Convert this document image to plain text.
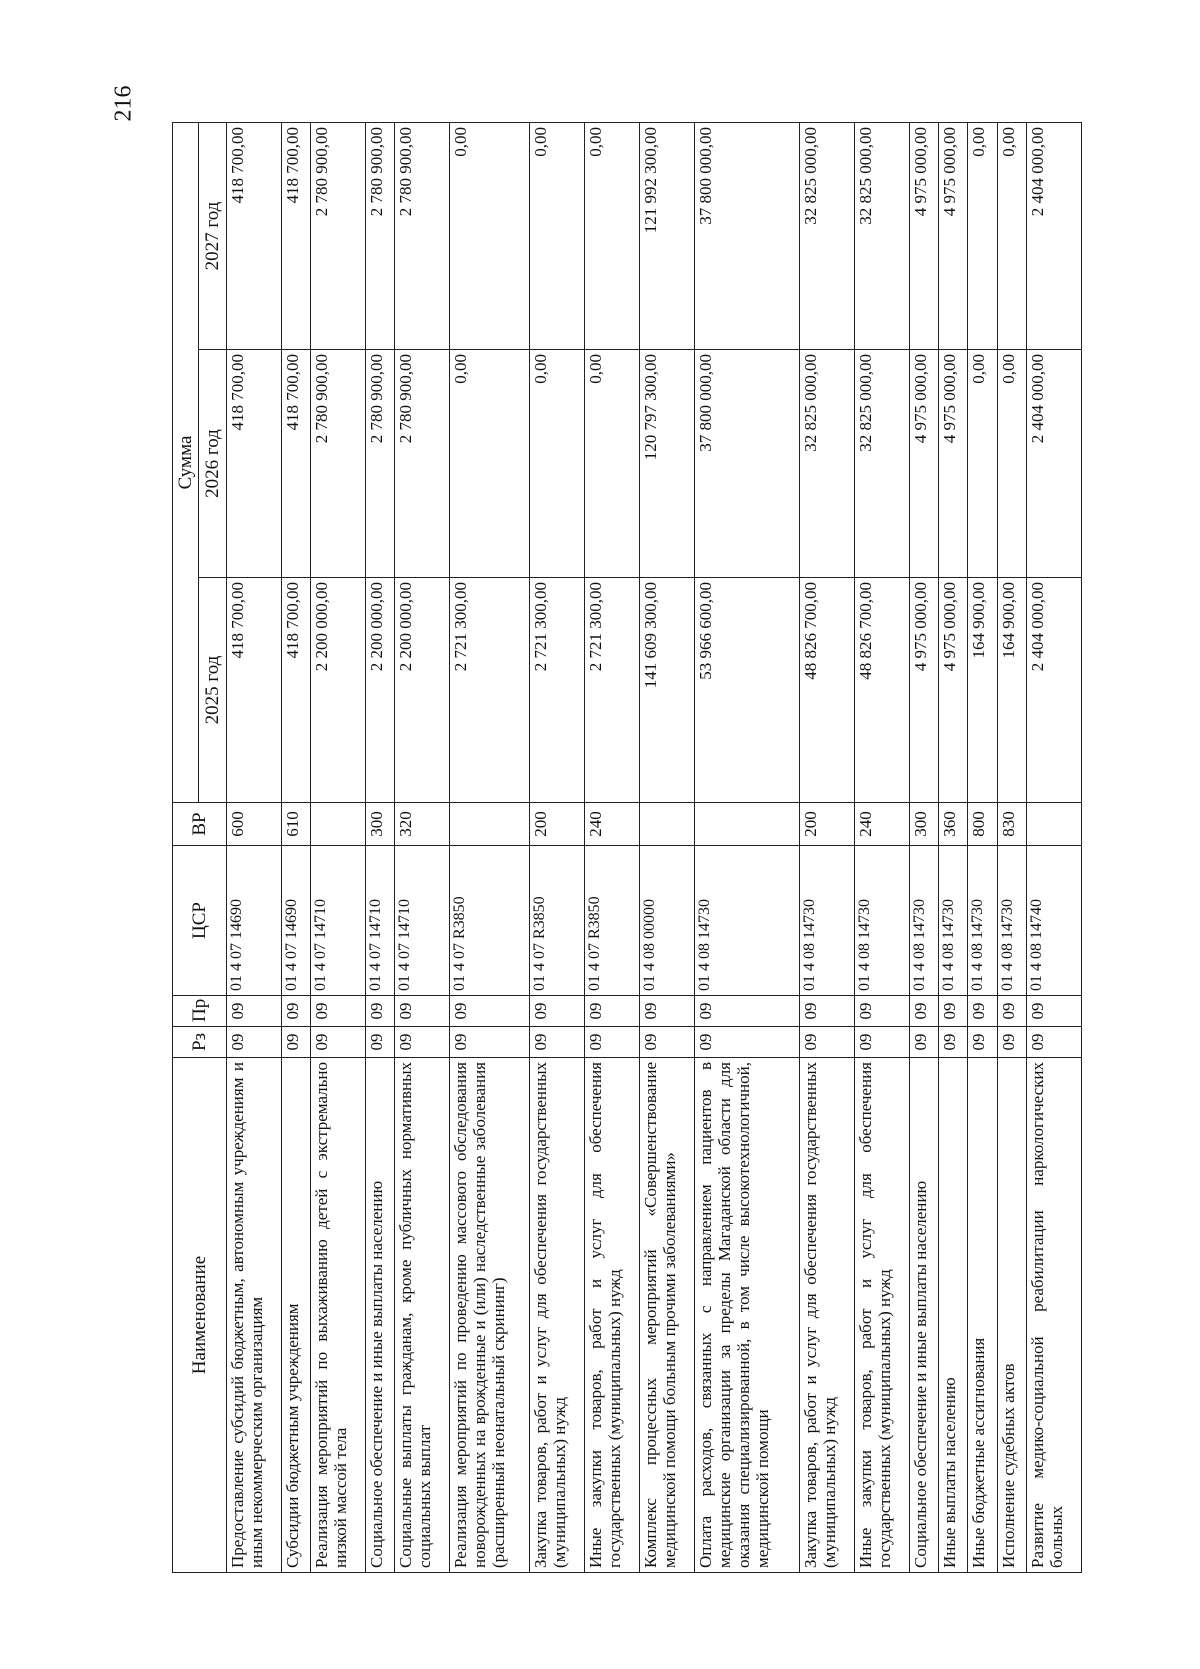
216
Наименование	Рз	Пр	ЦСР	ВР	Сумма		
					2025 год	2026 год	2027 год
Предоставление субсидий бюджетным, автономным учреждениям и иным некоммерческим организациям	09	09	01 4 07 14690	600	418 700,00	418 700,00	418 700,00
Субсидии бюджетным учреждениям	09	09	01 4 07 14690	610	418 700,00	418 700,00	418 700,00
Реализация мероприятий по выхаживанию детей с экстремально низкой массой тела	09	09	01 4 07 14710		2 200 000,00	2 780 900,00	2 780 900,00
Социальное обеспечение и иные выплаты населению	09	09	01 4 07 14710	300	2 200 000,00	2 780 900,00	2 780 900,00
Социальные выплаты гражданам, кроме публичных нормативных социальных выплат	09	09	01 4 07 14710	320	2 200 000,00	2 780 900,00	2 780 900,00
Реализация мероприятий по проведению массового обследования новорожденных на врожденные и (или) наследственные заболевания (расширенный неонатальный скрининг)	09	09	01 4 07 R3850		2 721 300,00	0,00	0,00
Закупка товаров, работ и услуг для обеспечения государственных (муниципальных) нужд	09	09	01 4 07 R3850	200	2 721 300,00	0,00	0,00
Иные закупки товаров, работ и услуг для обеспечения государственных (муниципальных) нужд	09	09	01 4 07 R3850	240	2 721 300,00	0,00	0,00
Комплекс процессных мероприятий «Совершенствование медицинской помощи больным прочими заболеваниями»	09	09	01 4 08 00000		141 609 300,00	120 797 300,00	121 992 300,00
Оплата расходов, связанных с направлением пациентов в медицинские организации за пределы Магаданской области для оказания специализированной, в том числе высокотехнологичной, медицинской помощи	09	09	01 4 08 14730		53 966 600,00	37 800 000,00	37 800 000,00
Закупка товаров, работ и услуг для обеспечения государственных (муниципальных) нужд	09	09	01 4 08 14730	200	48 826 700,00	32 825 000,00	32 825 000,00
Иные закупки товаров, работ и услуг для обеспечения государственных (муниципальных) нужд	09	09	01 4 08 14730	240	48 826 700,00	32 825 000,00	32 825 000,00
Социальное обеспечение и иные выплаты населению	09	09	01 4 08 14730	300	4 975 000,00	4 975 000,00	4 975 000,00
Иные выплаты населению	09	09	01 4 08 14730	360	4 975 000,00	4 975 000,00	4 975 000,00
Иные бюджетные ассигнования	09	09	01 4 08 14730	800	164 900,00	0,00	0,00
Исполнение судебных актов	09	09	01 4 08 14730	830	164 900,00	0,00	0,00
Развитие медико-социальной реабилитации наркологических больных	09	09	01 4 08 14740		2 404 000,00	2 404 000,00	2 404 000,00
